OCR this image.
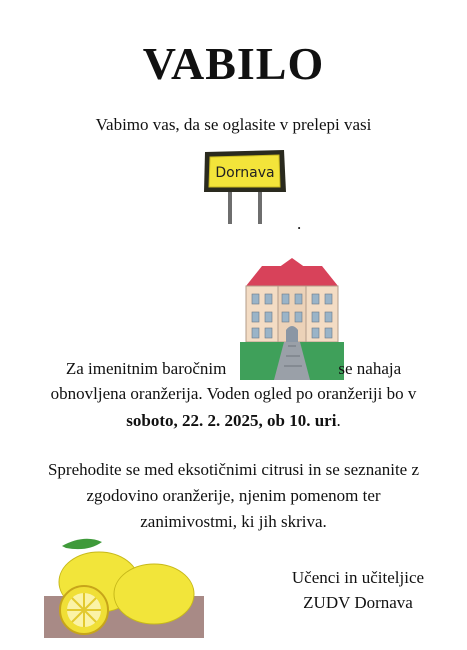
VABILO
Vabimo vas, da se oglasite v prelepi vasi
Dornava
.
Za imenitnim baročnim	se nahaja
obnovljena oranžerija. Voden ogled po oranžeriji bo v
soboto, 22. 2. 2025, ob 10. uri.
Sprehodite se med eksotičnimi citrusi in se seznanite z
zgodovino oranžerije, njenim pomenom ter
zanimivostmi, ki jih skriva.
Učenci in učiteljice
ZUDV Dornava
